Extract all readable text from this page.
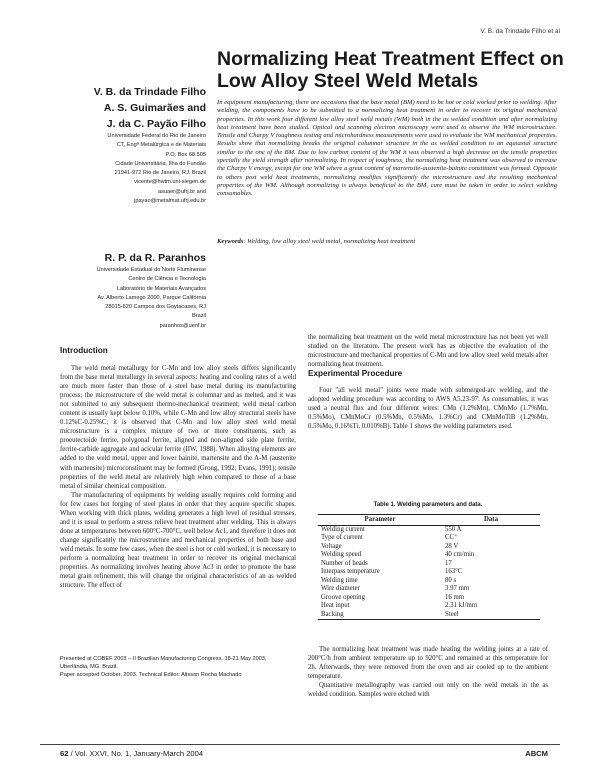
V. B. da Trindade Filho et al
Normalizing Heat Treatment Effect on
Low Alloy Steel Weld Metals
V. B. da Trindade Filho
A. S. Guimarães and
J. da C. Payão Filho
Universidade Federal do Rio de Janeiro
CT, Engª Metalúrgica e de Materiais
P.O. Box 68.505
Cidade Universitária, Ilha do Fundão
21941-972 Rio de Janeiro, RJ. Brazil
vicente@hwtm.uni-siegen.de
asuaer@ufrj.br and
jpayao@metalmat.ufrj.edu.br
R. P. da R. Paranhos
Universidade Estadual do Norte Fluminense
Centro de Ciência e Tecnologia
Laboratório de Materiais Avançados
Av. Alberto Lamego 2000, Parque Califórnia
28015-620 Campos dos Goytacases, RJ
Brazil
paranhos@uenf.br
In equipment manufacturing, there are occasions that the base metal (BM) need to be hot or cold worked prior to welding. After welding, the components have to be submitted to a normalizing heat treatment in order to recover its original mechanical properties. In this work four different low alloy steel weld metals (WM) both in the as welded condition and after normalizing heat treatment have been studied. Optical and scanning electron microscopy were used to observe the WM microstructure. Tensile and Charpy V toughness testing and microhardness measurements were used to evaluate the WM mechanical properties. Results show that normalizing breaks the original columnar structure in the as welded condition to an equiaxial structure similar to the one of the BM. Due to low carbon content of the WM it was observed a high decrease on the tensile properties specially the yield strength after normalizing. In respect of toughness, the normalizing heat treatment was observed to increase the Charpy V energy, except for one WM where a great content of martensite-austenite-bainite constituent was formed. Opposite to others post weld heat treatments, normalizing modifies significantly the microstructure and the resulting mechanical properties of the WM. Although normalizing is always beneficial to the BM, care must be taken in order to select welding consumables.
Keywords: Welding, low alloy steel weld metal, normalizing heat treatment
Introduction

The weld metal metallurgy for C-Mn and low alloy steels differs significantly from the base metal metallurgy in several aspects: heating and cooling rates of a weld are much more faster than those of a steel base metal during its manufacturing process; the microstructure of the weld metal is columnar and as melted, and it was not submitted to any subsequent thermo-mechanical treatment; weld metal carbon content is usually kept below 0.10%, while C-Mn and low alloy structural steels have 0.12%C-0.25%C; it is observed that C-Mn and low alloy steel weld metal microstructure is a complex mixture of two or more constituents, such as proeutectoide ferrite, polygonal ferrite, aligned and non-aligned side plate ferrite, ferrite-carbide aggregate and acicular ferrite (IIW, 1988). When alloying elements are added to the weld metal, upper and lower bainite, martensite and the A-M (austenite with martensite) microconstituent may be formed (Grong, 1992; Evans, 1991); tensile properties of the weld metal are relatively high when compared to those of a base metal of similar chemical composition.

The manufacturing of equipments by welding usually requires cold forming and for few cases hot forging of steel plates in order that they acquire specific shapes. When working with thick plates, welding generates a high level of residual stresses, and it is usual to perform a stress relieve heat treatment after welding. This is always done at temperatures between 600°C-700°C, well below Ac1, and therefore it does not change significantly the microstructure and mechanical properties of both base and weld metals. In some few cases, when the steel is hot or cold worked, it is necessary to perform a normalizing heat treatment in order to recover its original mechanical properties. As normalizing involves heating above Ac3 in order to promote the base metal grain refinement, this will change the original characteristics of an as welded structure. The effect of

the normalizing heat treatment on the weld metal microstructure has not been yet well studied on the literature. The present work has as objective the evaluation of the microstructure and mechanical properties of C-Mn and low alloy steel weld metals after normalizing heat treatment.

Experimental Procedure

Four "all weld metal" joints were made with submerged-arc welding, and the adopted welding procedure was according to AWS A5.23-97. As consumables, it was used a neutral flux and four different wires: CMn (1.2%Mn), CMnMo (1.7%Mn, 0.5%Mo), CMnMoCr (0.5%Mn, 0.5%Mo, 1.3%Cr) and CMnMoTiB (1.2%Mn, 0.5%Mo, 0.16%Ti, 0.010%B). Table 1 shows the welding parameters used.

Table 1. Welding parameters and data.
Parameter	Data
Welding current	550 A
Type of current	CC⁺
Voltage	28 V
Welding speed	40 cm/min
Number of heads	17
Interpass temperature	163°C
Welding time	80 s
Wire diameter	3.97 mm
Groove opening	16 mm
Heat input	2.31 kJ/mm
Backing	Steel

The normalizing heat treatment was made heating the welding joints at a rate of 200°C/h from ambient temperature up to 920°C and remained at this temperature for 2h. Afterwards, they were removed from the oven and air cooled up to the ambient temperature.

Quantitative metallography was carried out only on the weld metals in the as welded condition. Samples were etched with

Presented at COBEF 2003 – II Brazilian Manufacturing Congress. 18-21 May 2003, Uberlândia, MG. Brazil.
Paper accepted October, 2003. Technical Editor: Alisson Rocha Machado
62 / Vol. XXVI, No. 1, January-March 2004	ABCM
